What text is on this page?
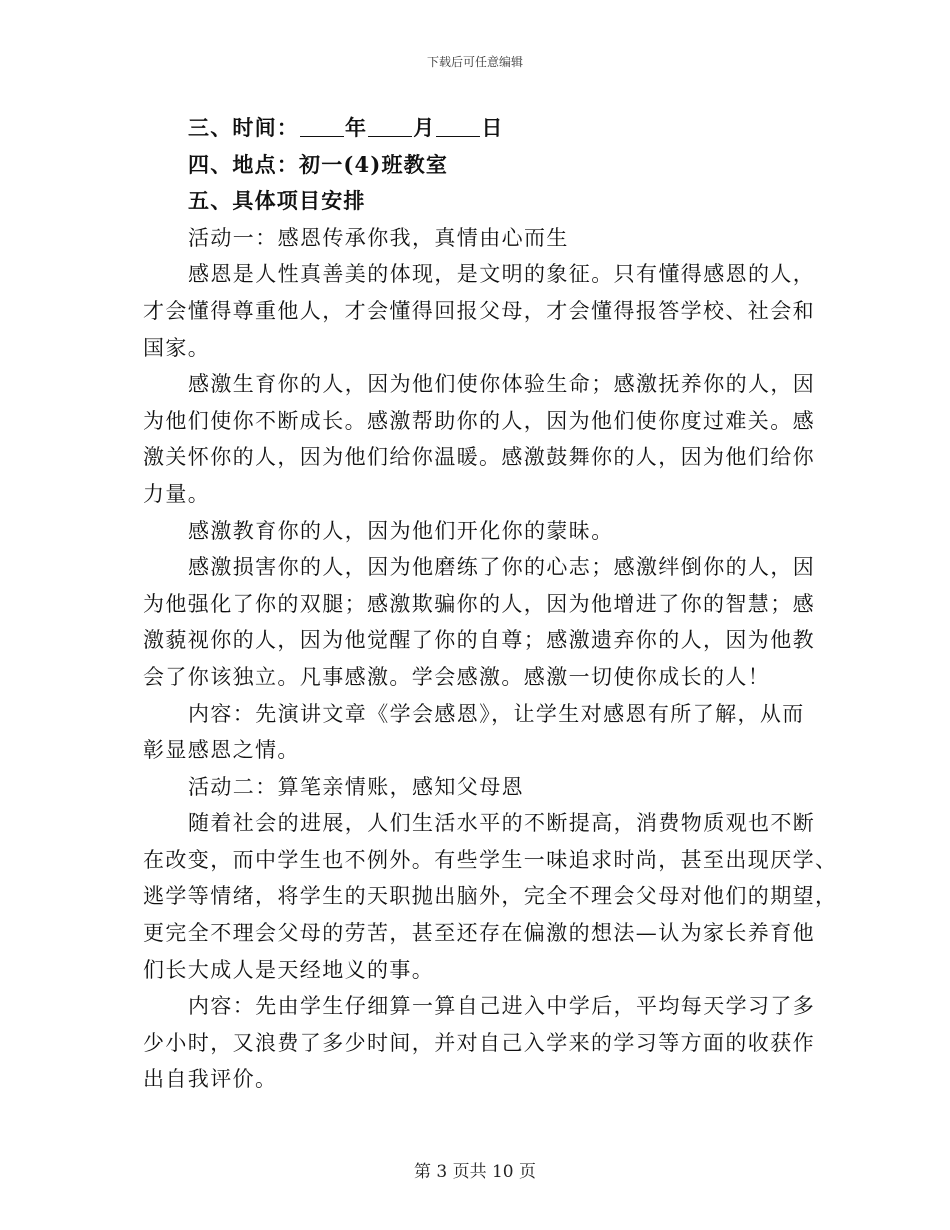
下载后可任意编辑
三、时间： 年 月 日
四、地点：初一(4)班教室
五、具体项目安排
活动一：感恩传承你我，真情由心而生
感恩是人性真善美的体现，是文明的象征。只有懂得感恩的人，
才会懂得尊重他人，才会懂得回报父母，才会懂得报答学校、社会和
国家。
感激生育你的人，因为他们使你体验生命；感激抚养你的人，因
为他们使你不断成长。感激帮助你的人，因为他们使你度过难关。感
激关怀你的人，因为他们给你温暖。感激鼓舞你的人，因为他们给你
力量。
感激教育你的人，因为他们开化你的蒙昧。
感激损害你的人，因为他磨练了你的心志；感激绊倒你的人，因
为他强化了你的双腿；感激欺骗你的人，因为他增进了你的智慧；感
激藐视你的人，因为他觉醒了你的自尊；感激遗弃你的人，因为他教
会了你该独立。凡事感激。学会感激。感激一切使你成长的人！
内容：先演讲文章《学会感恩》，让学生对感恩有所了解，从而
彰显感恩之情。
活动二：算笔亲情账，感知父母恩
随着社会的进展，人们生活水平的不断提高，消费物质观也不断
在改变，而中学生也不例外。有些学生一味追求时尚，甚至出现厌学、
逃学等情绪，将学生的天职抛出脑外，完全不理会父母对他们的期望，
更完全不理会父母的劳苦，甚至还存在偏激的想法—认为家长养育他
们长大成人是天经地义的事。
内容：先由学生仔细算一算自己进入中学后，平均每天学习了多
少小时，又浪费了多少时间，并对自己入学来的学习等方面的收获作
出自我评价。
第 3 页共 10 页
